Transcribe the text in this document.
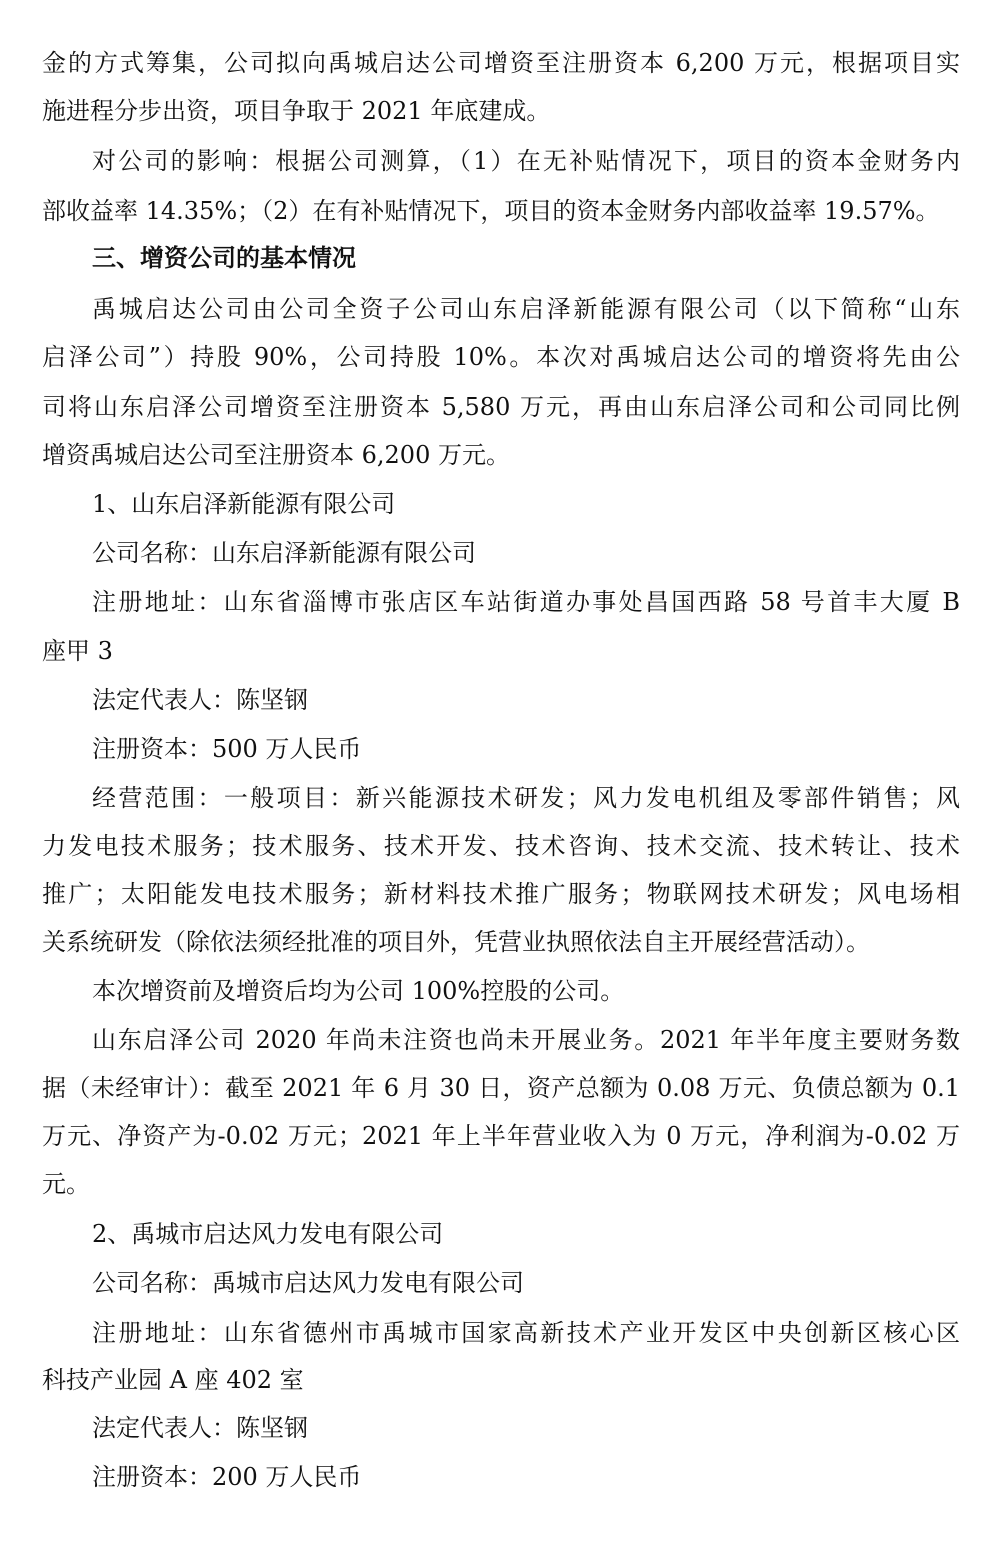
金的方式筹集，公司拟向禹城启达公司增资至注册资本 6,200 万元，根据项目实

施进程分步出资，项目争取于 2021 年底建成。

对公司的影响：根据公司测算，（1）在无补贴情况下，项目的资本金财务内

部收益率 14.35%；（2）在有补贴情况下，项目的资本金财务内部收益率 19.57%。

三、增资公司的基本情况

禹城启达公司由公司全资子公司山东启泽新能源有限公司（以下简称“山东

启泽公司”）持股 90%，公司持股 10%。本次对禹城启达公司的增资将先由公

司将山东启泽公司增资至注册资本 5,580 万元，再由山东启泽公司和公司同比例

增资禹城启达公司至注册资本 6,200 万元。

1、山东启泽新能源有限公司

公司名称：山东启泽新能源有限公司

注册地址：山东省淄博市张店区车站街道办事处昌国西路 58 号首丰大厦 B

座甲 3

法定代表人：陈坚钢

注册资本：500 万人民币

经营范围：一般项目：新兴能源技术研发；风力发电机组及零部件销售；风

力发电技术服务；技术服务、技术开发、技术咨询、技术交流、技术转让、技术

推广；太阳能发电技术服务；新材料技术推广服务；物联网技术研发；风电场相

关系统研发（除依法须经批准的项目外，凭营业执照依法自主开展经营活动）。

本次增资前及增资后均为公司 100%控股的公司。

山东启泽公司 2020 年尚未注资也尚未开展业务。2021 年半年度主要财务数

据（未经审计）：截至 2021 年 6 月 30 日，资产总额为 0.08 万元、负债总额为 0.1

万元、净资产为-0.02 万元；2021 年上半年营业收入为 0 万元，净利润为-0.02 万

元。

2、禹城市启达风力发电有限公司

公司名称：禹城市启达风力发电有限公司

注册地址：山东省德州市禹城市国家高新技术产业开发区中央创新区核心区

科技产业园 A 座 402 室

法定代表人：陈坚钢

注册资本：200 万人民币
